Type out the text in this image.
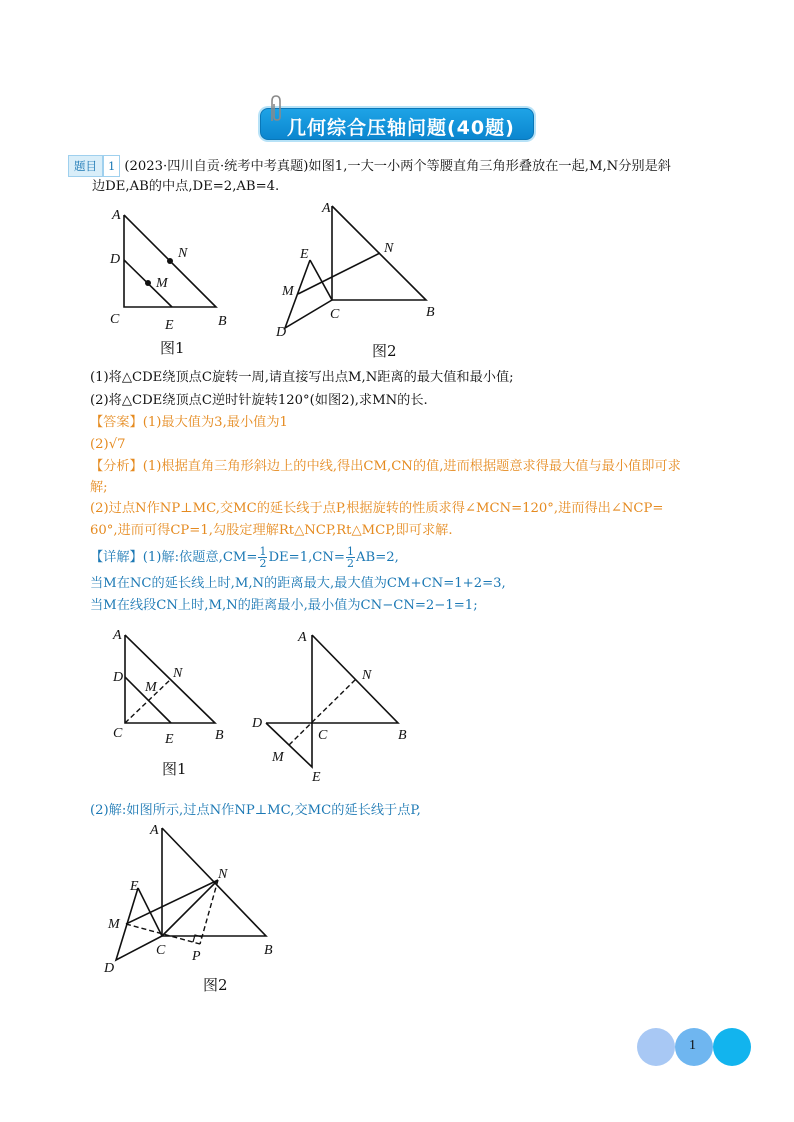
几何综合压轴问题(40题)
题目 1 (2023·四川自贡·统考中考真题)如图1,一大一小两个等腰直角三角形叠放在一起,M,N分别是斜
边DE,AB的中点,DE=2,AB=4.
A
D	N
M
C	E	B
图1
A
N
E
M
C	B
D
图2
(1)将△CDE绕顶点C旋转一周,请直接写出点M,N距离的最大值和最小值;
(2)将△CDE绕顶点C逆时针旋转120°(如图2),求MN的长.
【答案】(1)最大值为3,最小值为1
(2)√7
【分析】(1)根据直角三角形斜边上的中线,得出CM,CN的值,进而根据题意求得最大值与最小值即可求
解;
(2)过点N作NP⊥MC,交MC的延长线于点P,根据旋转的性质求得∠MCN=120°,进而得出∠NCP=
60°,进而可得CP=1,勾股定理解Rt△NCP,Rt△MCP,即可求解.
【详解】(1)解:依题意$,CM= \frac{1}{2} DE=1,CN= \frac{1}{2} AB=2$,
当M在NC的延长线上时,M,N的距离最大,最大值为CM+CN=1+2=3,
当M在线段CN上时,M,N的距离最小,最小值为CN−CN=2−1=1;
A
D
M
N
C	E	B
图1
A
N
D
C	B
M
E
(2)解:如图所示,过点N作NP⊥MC,交MC的延长线于点P,
A
N
E
M
C P	B
D
图2
1
